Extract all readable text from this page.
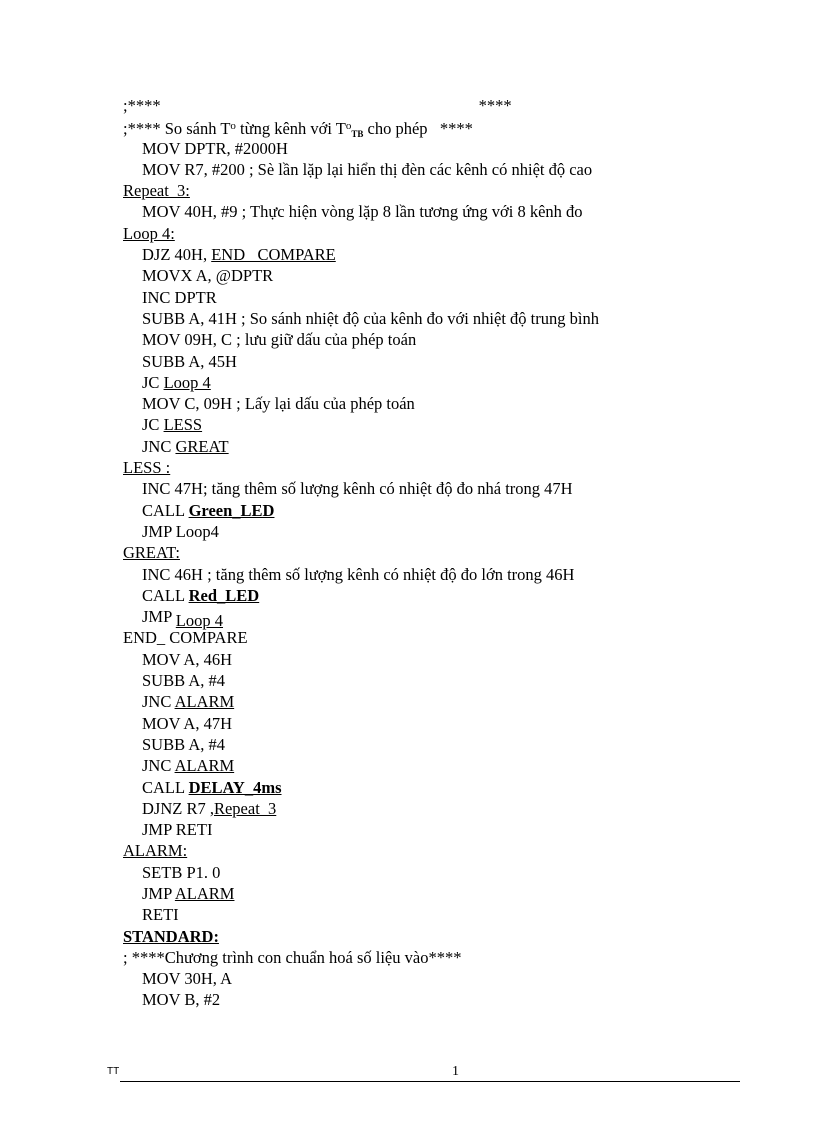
;****	****
;**** So sánh $T^o$ từng kênh với $T^o_{TB}$ cho phép   ****
MOV DPTR, #2000H
MOV R7, #200 ; Sè lần lặp lại hiển thị đèn các kênh có nhiệt độ cao
Repeat_3:
MOV 40H, #9 ; Thực hiện vòng lặp 8 lần tương ứng với 8 kênh đo
Loop 4:
DJZ 40H, END_ COMPARE
MOVX A, @DPTR
INC DPTR
SUBB A, 41H ; So sánh nhiệt độ của kênh đo với nhiệt độ trung bình
MOV 09H, C ; lưu giữ dấu của phép toán
SUBB A, 45H
JC Loop 4
MOV C, 09H ; Lấy lại dấu của phép toán
JC LESS
JNC GREAT
LESS :
INC 47H; tăng thêm số lượng kênh có nhiệt độ đo nhá trong 47H
CALL Green_LED
JMP Loop4
GREAT:
INC 46H ; tăng thêm số lượng kênh có nhiệt độ đo lớn trong 46H
CALL Red_LED
JMP Loop 4
END_ COMPARE
MOV A, 46H
SUBB A, #4
JNC ALARM
MOV A, 47H
SUBB A, #4
JNC ALARM
CALL DELAY_4ms
DJNZ R7 ,Repeat_3
JMP RETI
ALARM:
SETB P1. 0
JMP ALARM
RETI
STANDARD:
; ****Chương trình con chuẩn hoá số liệu vào****
MOV 30H, A
MOV B, #2
TT	1
